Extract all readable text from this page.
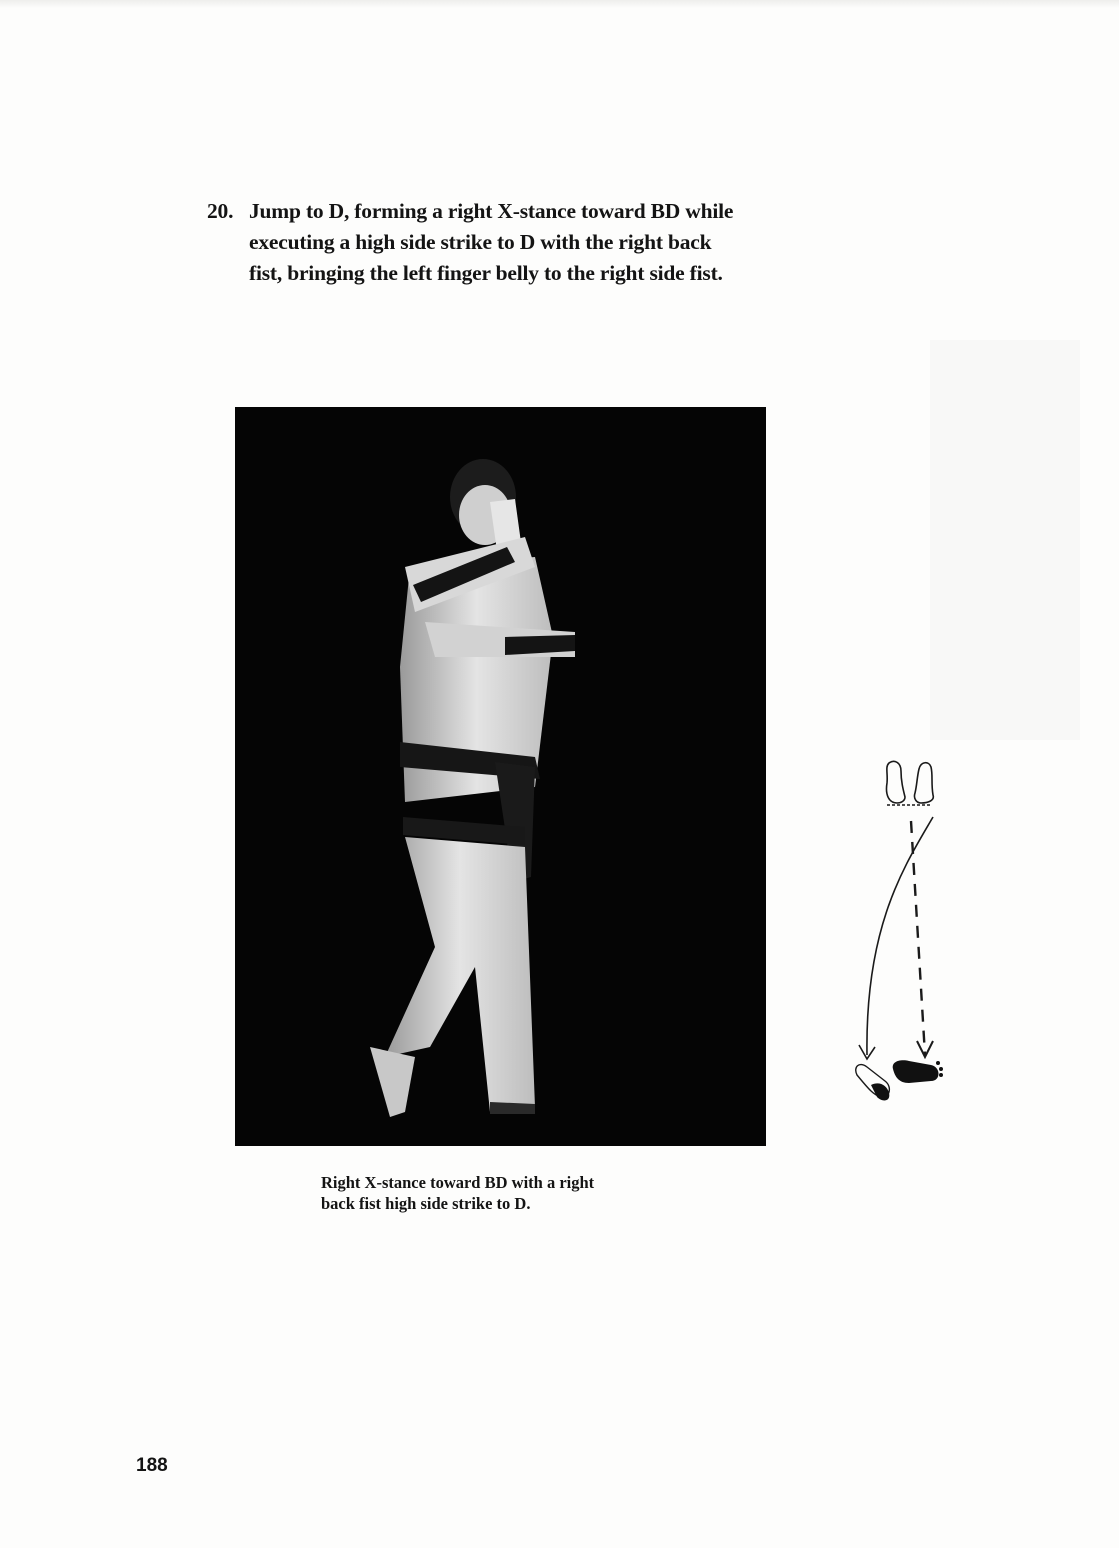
20. Jump to D, forming a right X-stance toward BD while
executing a high side strike to D with the right back
fist, bringing the left finger belly to the right side fist.
Right X-stance toward BD with a right
back fist high side strike to D.
188
